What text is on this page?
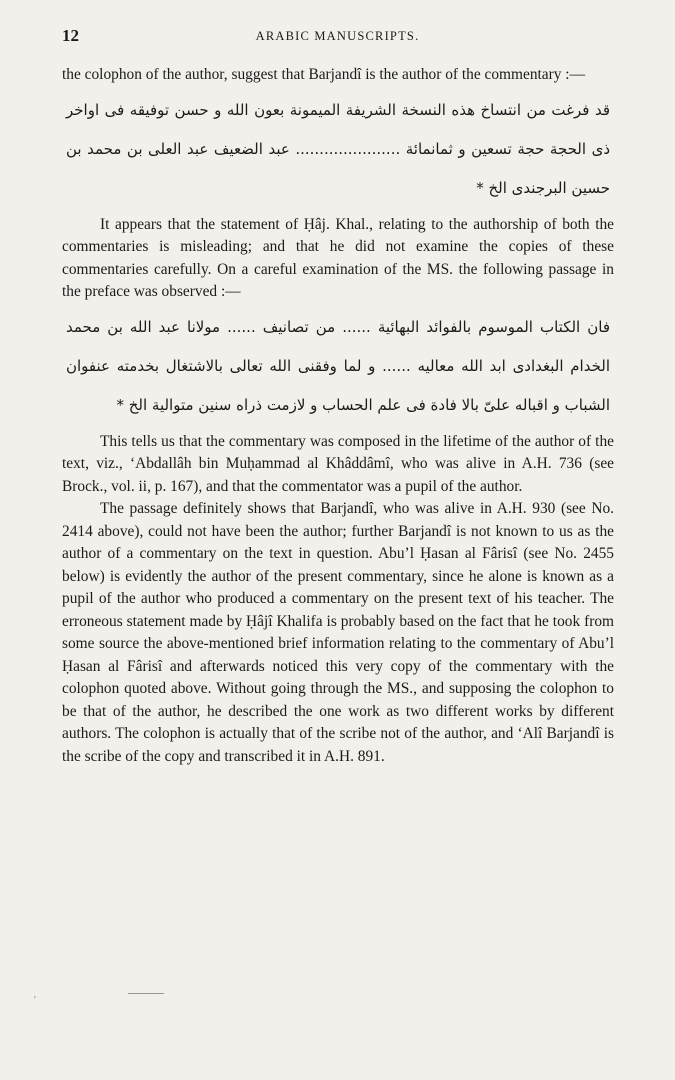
12	ARABIC MANUSCRIPTS.

the colophon of the author, suggest that Barjandî is the author of the commentary :—

قد فرغت من انتساخ هذه النسخة الشريفة الميمونة بعون الله و حسن توفيقه فى اواخر ذى الحجة حجة تسعين و ثمانمائة ...................... عبد الضعيف عبد العلى بن محمد بن حسين البرجندى الخ *

It appears that the statement of Ḥâj. Khal., relating to the authorship of both the commentaries is misleading; and that he did not examine the copies of these commentaries carefully. On a careful examination of the MS. the following passage in the preface was observed :—

فان الكتاب الموسوم بالفوائد البهائية ...... من تصانيف ...... مولانا عبد الله بن محمد الخدام البغدادى ابد الله معاليه ...... و لما وفقنى الله تعالى بالاشتغال بخدمته عنفوان الشباب و اقباله علىّ بالا فادة فى علم الحساب و لازمت ذراه سنين متوالية الخ *

This tells us that the commentary was composed in the lifetime of the author of the text, viz., ‘Abdallâh bin Muḥammad al Khâddâmî, who was alive in A.H. 736 (see Brock., vol. ii, p. 167), and that the commentator was a pupil of the author.

The passage definitely shows that Barjandî, who was alive in A.H. 930 (see No. 2414 above), could not have been the author; further Barjandî is not known to us as the author of a commentary on the text in question. Abu’l Ḥasan al Fârisî (see No. 2455 below) is evidently the author of the present commentary, since he alone is known as a pupil of the author who produced a commentary on the present text of his teacher. The erroneous statement made by Ḥâjî Khalifa is probably based on the fact that he took from some source the above-mentioned brief information relating to the commentary of Abu’l Ḥasan al Fârisî and afterwards noticed this very copy of the commentary with the colophon quoted above. Without going through the MS., and supposing the colophon to be that of the author, he described the one work as two different works by different authors. The colophon is actually that of the scribe not of the author, and ‘Alî Barjandî is the scribe of the copy and transcribed it in A.H. 891.

'
